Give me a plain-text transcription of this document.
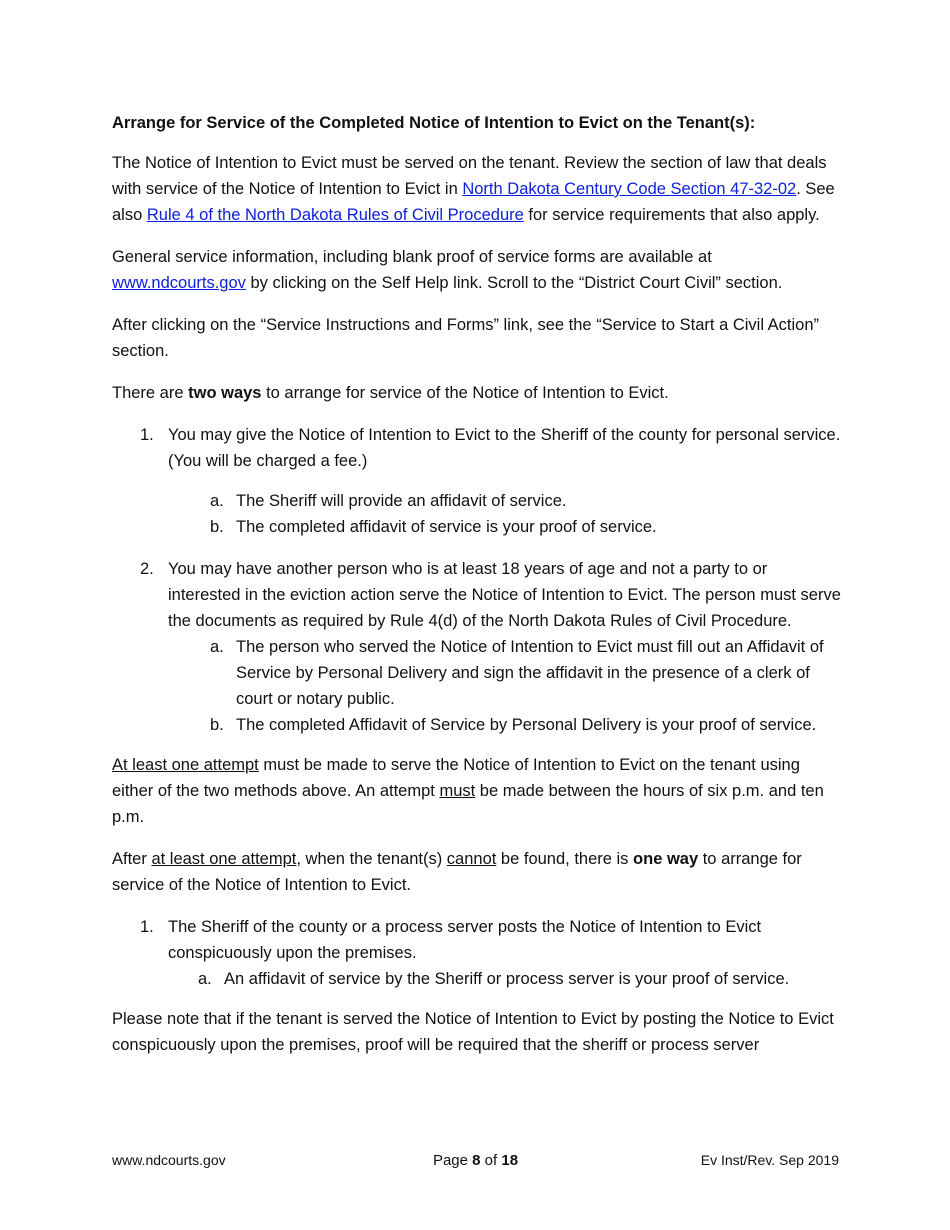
Arrange for Service of the Completed Notice of Intention to Evict on the Tenant(s):

The Notice of Intention to Evict must be served on the tenant. Review the section of law that deals with service of the Notice of Intention to Evict in North Dakota Century Code Section 47-32-02. See also Rule 4 of the North Dakota Rules of Civil Procedure for service requirements that also apply.

General service information, including blank proof of service forms are available at www.ndcourts.gov by clicking on the Self Help link. Scroll to the “District Court Civil” section.

After clicking on the “Service Instructions and Forms” link, see the “Service to Start a Civil Action” section.

There are two ways to arrange for service of the Notice of Intention to Evict.

1. You may give the Notice of Intention to Evict to the Sheriff of the county for personal service. (You will be charged a fee.)
a. The Sheriff will provide an affidavit of service.
b. The completed affidavit of service is your proof of service.
2. You may have another person who is at least 18 years of age and not a party to or interested in the eviction action serve the Notice of Intention to Evict. The person must serve the documents as required by Rule 4(d) of the North Dakota Rules of Civil Procedure.
a. The person who served the Notice of Intention to Evict must fill out an Affidavit of Service by Personal Delivery and sign the affidavit in the presence of a clerk of court or notary public.
b. The completed Affidavit of Service by Personal Delivery is your proof of service.

At least one attempt must be made to serve the Notice of Intention to Evict on the tenant using either of the two methods above. An attempt must be made between the hours of six p.m. and ten p.m.

After at least one attempt, when the tenant(s) cannot be found, there is one way to arrange for service of the Notice of Intention to Evict.

1. The Sheriff of the county or a process server posts the Notice of Intention to Evict conspicuously upon the premises.
a. An affidavit of service by the Sheriff or process server is your proof of service.

Please note that if the tenant is served the Notice of Intention to Evict by posting the Notice to Evict conspicuously upon the premises, proof will be required that the sheriff or process server

www.ndcourts.gov	Page 8 of 18	Ev Inst/Rev. Sep 2019
